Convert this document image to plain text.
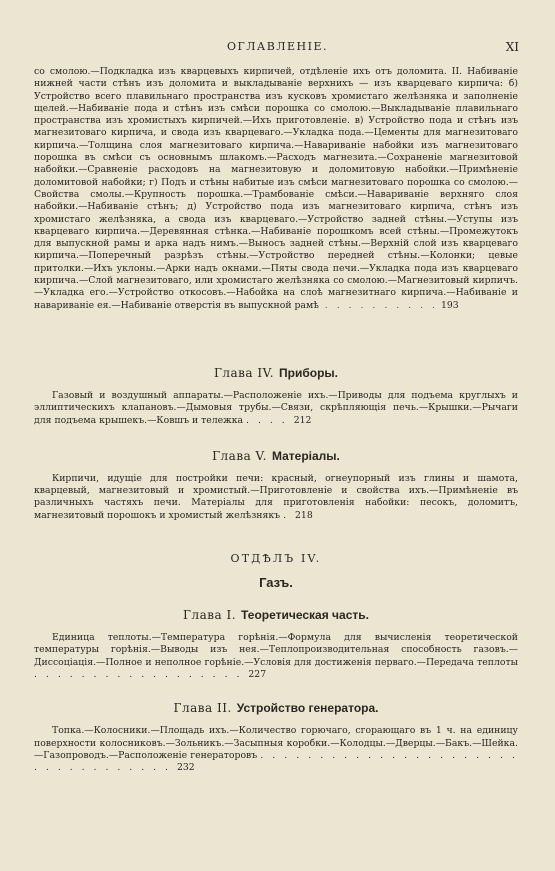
ОГЛАВЛЕНІЕ.	XI
со смолою.—Подкладка изъ кварцевыхъ кирпичей, отдѣленіе ихъ отъ доломита. II. Набиваніе нижней части стѣнъ изъ доломита и выкладываніе верхнихъ — изъ кварцеваго кирпича: б) Устройство всего плавильнаго пространства изъ кусковъ хромистаго желѣзняка и заполненіе щелей.—Набиваніе пода и стѣнъ изъ смѣси порошка со смолою.—Выкладываніе плавильнаго пространства изъ хромистыхъ кирпичей.—Ихъ приготовленіе. в) Устройство пода и стѣнъ изъ магнезитоваго кирпича, и свода изъ кварцеваго.—Укладка пода.—Цементы для магнезитоваго кирпича.—Толщина слоя магнезитоваго кирпича.—Навариваніе набойки изъ магнезитоваго порошка въ смѣси съ основнымъ шлакомъ.—Расходъ магнезита.—Сохраненіе магнезитовой набойки.—Сравненіе расходовъ на магнезитовую и доломитовую набойки.—Примѣненіе доломитовой набойки; г) Подъ и стѣны набитые изъ смѣси магнезитоваго порошка со смолою.—Свойства смолы.—Крупность порошка.—Трамбованіе смѣси.—Навариваніе верхняго слоя набойки.—Набиваніе стѣнъ; д) Устройство пода изъ магнезитоваго кирпича, стѣнъ изъ хромистаго желѣзняка, а свода изъ кварцеваго.—Устройство задней стѣны.—Уступы изъ кварцеваго кирпича.—Деревянная стѣнка.—Набиваніе порошкомъ всей стѣны.—Промежутокъ для выпускной рамы и арка надъ нимъ.—Выносъ задней стѣны.—Верхній слой изъ кварцеваго кирпича.—Поперечный разрѣзъ стѣны.—Устройство передней стѣны.—Колонки; цевые притолки.—Ихъ уклоны.—Арки надъ окнами.—Пяты свода печи.—Укладка пода изъ кварцеваго кирпича.—Слой магнезитоваго, или хромистаго желѣзняка со смолою.—Магнезитовый кирпичъ.—Укладка его.—Устройство откосовъ.—Набойка на слоѣ магнезитнаго кирпича.—Набиваніе и навариваніе ея.—Набиваніе отверстія въ выпускной рамѣ . . . . . . . . . . 193
Глава IV. Приборы.
Газовый и воздушный аппараты.—Расположеніе ихъ.—Приводы для подъема круглыхъ и эллиптическихъ клапановъ.—Дымовыя трубы.—Связи, скрѣпляющія печь.—Крышки.—Рычаги для подъема крышекъ.—Ковшъ и тележка . . . . 212
Глава V. Матеріалы.
Кирпичи, идущіе для постройки печи: красный, огнеупорный изъ глины и шамота, кварцевый, магнезитовый и хромистый.—Приготовленіе и свойства ихъ.—Примѣненіе въ различныхъ частяхъ печи. Матеріалы для приготовленія набойки: песокъ, доломитъ, магнезитовый порошокъ и хромистый желѣзнякъ . 218
ОТДѢЛЪ IV.
Газъ.
Глава I. Теоретическая часть.
Единица теплоты.—Температура горѣнія.—Формула для вычисленія теоретической температуры горѣнія.—Выводы изъ нея.—Теплопроизводительная способность газовъ.—Диссоціація.—Полное и неполное горѣніе.—Условія для достиженія перваго.—Передача теплоты . . . . . . . . . . . . . . . . . . 227
Глава II. Устройство генератора.
Топка.—Колосники.—Площадь ихъ.—Количество горючаго, сгорающаго въ 1 ч. на единицу поверхности колосниковъ.—Зольникъ.—Засыпныя коробки.—Колодцы.—Дверцы.—Бакъ.—Шейка.—Газопроводъ.—Расположеніе генераторовъ . . . . . . . . . . . . . . . . . . . . . . . . . . . . . . . . . . 232
